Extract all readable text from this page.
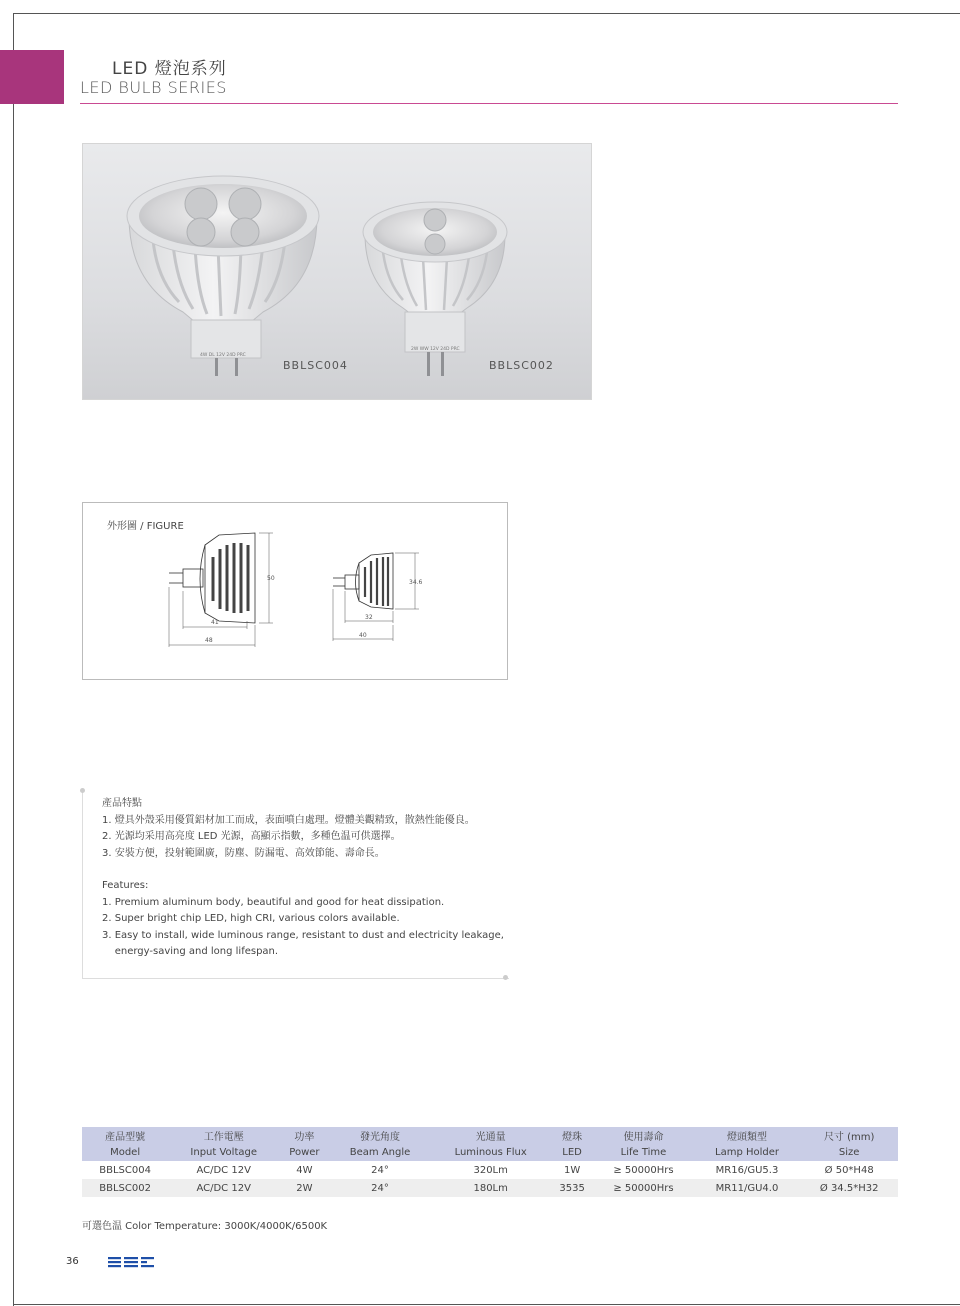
LED 燈泡系列
LED BULB SERIES
4W DL 12V 24D PRC
2W WW 12V 24D PRC
BBLSC004	BBLSC002
外形圖 / FIGURE
50
41
48
34.6
32
40
產品特點
1. 燈具外殼采用優質鋁材加工而成，表面噴白處理。燈體美觀精致，散熱性能優良。
2. 光源均采用高亮度 LED 光源，高顯示指數，多種色温可供選擇。
3. 安裝方便，投射範圍廣，防塵、防漏電、高效節能、壽命長。
Features:
1. Premium aluminum body, beautiful and good for heat dissipation.
2. Super bright chip LED, high CRI, various colors available.
3. Easy to install, wide luminous range, resistant to dust and electricity leakage,
energy-saving and long lifespan.
產品型號	工作電壓	功率	發光角度	光通量	燈珠	使用壽命	燈頭類型	尺寸 (mm)
Model	Input Voltage	Power	Beam Angle	Luminous Flux	LED	Life Time	Lamp Holder	Size
BBLSC004	AC/DC 12V	4W	24°	320Lm	1W	≥ 50000Hrs	MR16/GU5.3	Ø 50*H48
BBLSC002	AC/DC 12V	2W	24°	180Lm	3535	≥ 50000Hrs	MR11/GU4.0	Ø 34.5*H32
可選色温 Color Temperature: 3000K/4000K/6500K
36
